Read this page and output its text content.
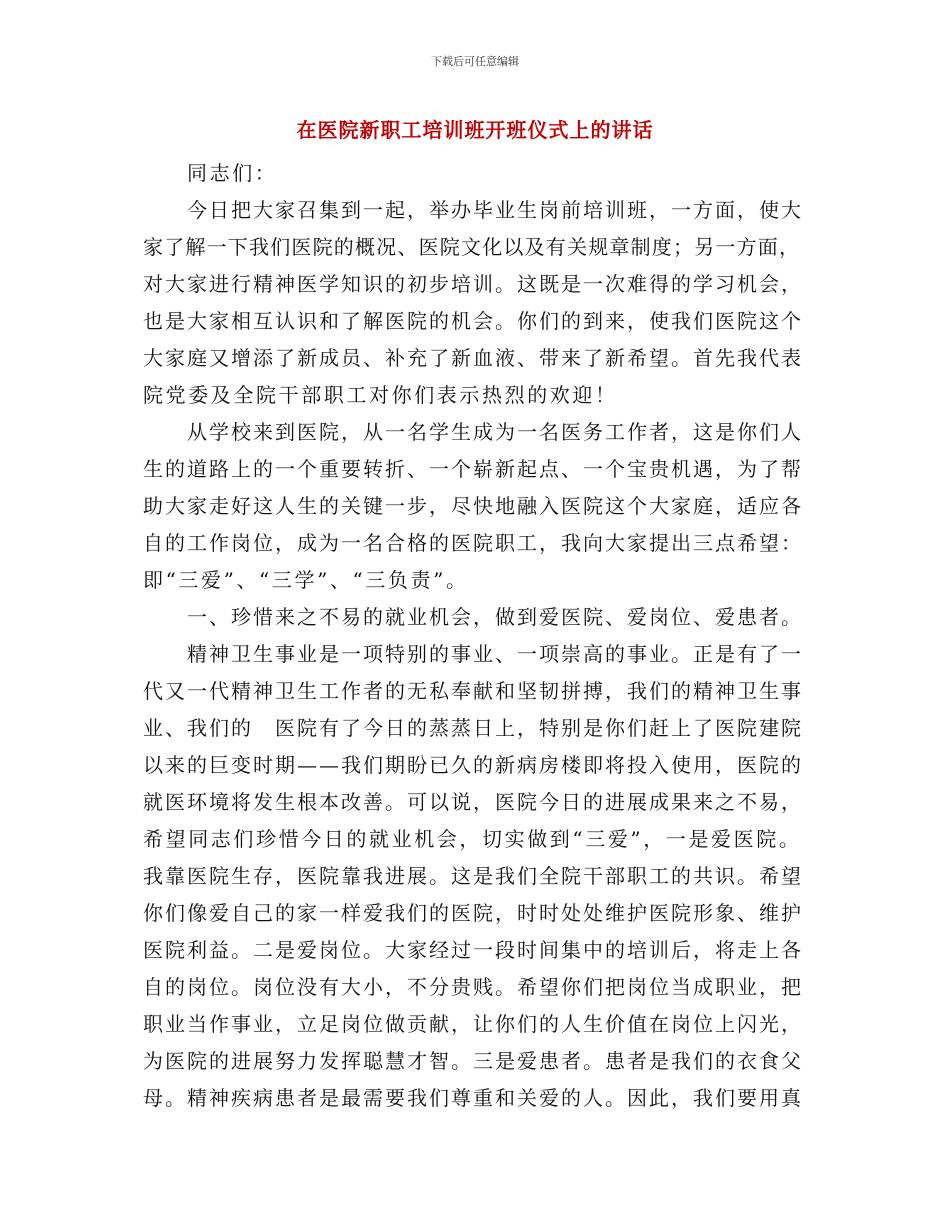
下载后可任意编辑
在医院新职工培训班开班仪式上的讲话
同志们：
今日把大家召集到一起，举办毕业生岗前培训班，一方面，使大
家了解一下我们医院的概况、医院文化以及有关规章制度；另一方面，
对大家进行精神医学知识的初步培训。这既是一次难得的学习机会，
也是大家相互认识和了解医院的机会。你们的到来，使我们医院这个
大家庭又增添了新成员、补充了新血液、带来了新希望。首先我代表
院党委及全院干部职工对你们表示热烈的欢迎！
从学校来到医院，从一名学生成为一名医务工作者，这是你们人
生的道路上的一个重要转折、一个崭新起点、一个宝贵机遇，为了帮
助大家走好这人生的关键一步，尽快地融入医院这个大家庭，适应各
自的工作岗位，成为一名合格的医院职工，我向大家提出三点希望：
即“三爱”、“三学”、“三负责”。
一、珍惜来之不易的就业机会，做到爱医院、爱岗位、爱患者。
精神卫生事业是一项特别的事业、一项崇高的事业。正是有了一
代又一代精神卫生工作者的无私奉献和坚韧拼搏，我们的精神卫生事
业、我们的　医院有了今日的蒸蒸日上，特别是你们赶上了医院建院
以来的巨变时期——我们期盼已久的新病房楼即将投入使用，医院的
就医环境将发生根本改善。可以说，医院今日的进展成果来之不易，
希望同志们珍惜今日的就业机会，切实做到“三爱”，一是爱医院。
我靠医院生存，医院靠我进展。这是我们全院干部职工的共识。希望
你们像爱自己的家一样爱我们的医院，时时处处维护医院形象、维护
医院利益。二是爱岗位。大家经过一段时间集中的培训后，将走上各
自的岗位。岗位没有大小，不分贵贱。希望你们把岗位当成职业，把
职业当作事业，立足岗位做贡献，让你们的人生价值在岗位上闪光，
为医院的进展努力发挥聪慧才智。三是爱患者。患者是我们的衣食父
母。精神疾病患者是最需要我们尊重和关爱的人。因此，我们要用真
